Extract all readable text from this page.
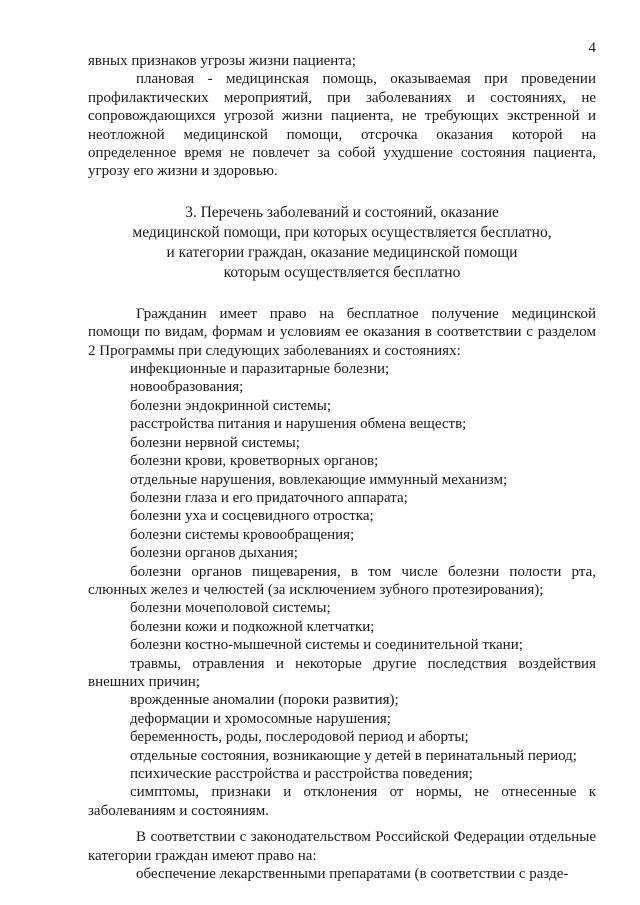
4

явных признаков угрозы жизни пациента;

плановая - медицинская помощь, оказываемая при проведении профилактических мероприятий, при заболеваниях и состояниях, не сопровождающихся угрозой жизни пациента, не требующих экстренной и неотложной медицинской помощи, отсрочка оказания которой на определенное время не повлечет за собой ухудшение состояния пациента, угрозу его жизни и здоровью.

3. Перечень заболеваний и состояний, оказание
медицинской помощи, при которых осуществляется бесплатно,
и категории граждан, оказание медицинской помощи
которым осуществляется бесплатно

Гражданин имеет право на бесплатное получение медицинской помощи по видам, формам и условиям ее оказания в соответствии с разделом 2 Программы при следующих заболеваниях и состояниях:

инфекционные и паразитарные болезни;
новообразования;
болезни эндокринной системы;
расстройства питания и нарушения обмена веществ;
болезни нервной системы;
болезни крови, кроветворных органов;
отдельные нарушения, вовлекающие иммунный механизм;
болезни глаза и его придаточного аппарата;
болезни уха и сосцевидного отростка;
болезни системы кровообращения;
болезни органов дыхания;
болезни органов пищеварения, в том числе болезни полости рта, слюнных желез и челюстей (за исключением зубного протезирования);
болезни мочеполовой системы;
болезни кожи и подкожной клетчатки;
болезни костно-мышечной системы и соединительной ткани;
травмы, отравления и некоторые другие последствия воздействия внешних причин;
врожденные аномалии (пороки развития);
деформации и хромосомные нарушения;
беременность, роды, послеродовой период и аборты;
отдельные состояния, возникающие у детей в перинатальный период;
психические расстройства и расстройства поведения;
симптомы, признаки и отклонения от нормы, не отнесенные к заболеваниям и состояниям.

В соответствии с законодательством Российской Федерации отдельные категории граждан имеют право на:

обеспечение лекарственными препаратами (в соответствии с разде-
